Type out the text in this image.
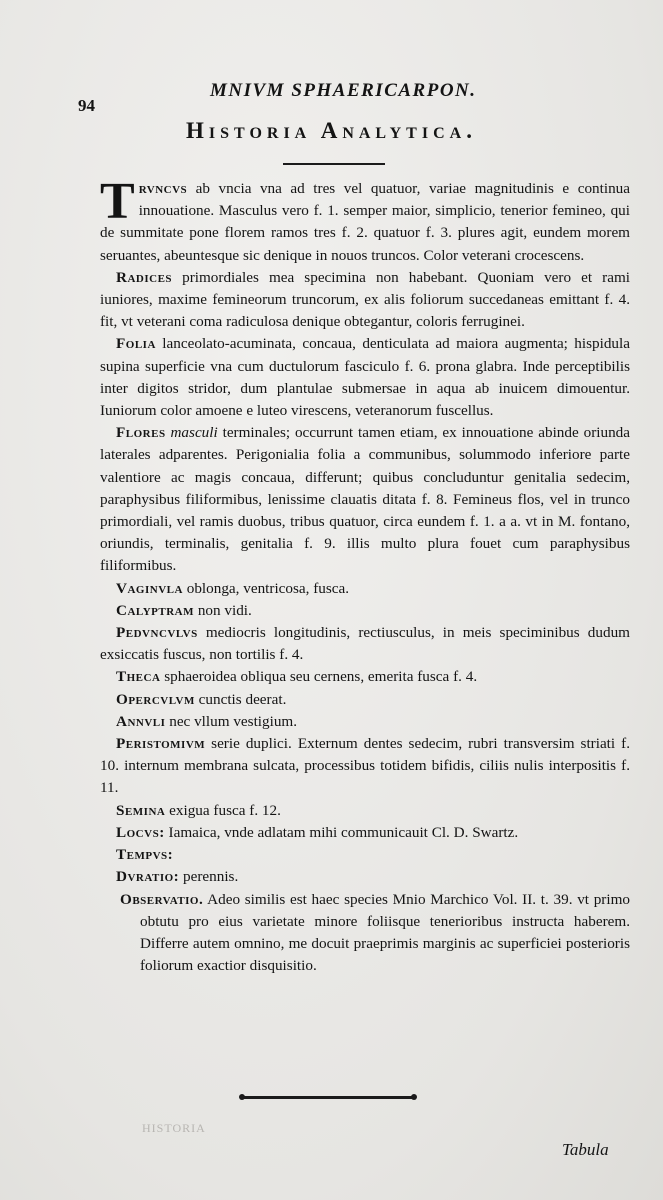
94
MNIVM SPHAERICARPON.
Historia Analytica.

Trvncvs ab vncia vna ad tres vel quatuor, variae magnitudinis e continua innouatione. Masculus vero f. 1. semper maior, simplicio, tenerior femineo, qui de summitate pone florem ramos tres f. 2. quatuor f. 3. plures agit, eundem morem seruantes, abeuntesque sic denique in nouos truncos. Color veterani crocescens.

Radices primordiales mea specimina non habebant. Quoniam vero et rami iuniores, maxime femineorum truncorum, ex alis foliorum succedaneas emittant f. 4. fit, vt veterani coma radiculosa denique obtegantur, coloris ferruginei.

Folia lanceolato-acuminata, concaua, denticulata ad maiora augmenta; hispidula supina superficie vna cum ductulorum fasciculo f. 6. prona glabra. Inde perceptibilis inter digitos stridor, dum plantulae submersae in aqua ab inuicem dimouentur. Iuniorum color amoene e luteo virescens, veteranorum fuscellus.

Flores masculi terminales; occurrunt tamen etiam, ex innouatione abinde oriunda laterales adparentes. Perigonialia folia a communibus, solummodo inferiore parte valentiore ac magis concaua, differunt; quibus concluduntur genitalia sedecim, paraphysibus filiformibus, lenissime clauatis ditata f. 8. Femineus flos, vel in trunco primordiali, vel ramis duobus, tribus quatuor, circa eundem f. 1. a a. vt in M. fontano, oriundis, terminalis, genitalia f. 9. illis multo plura fouet cum paraphysibus filiformibus.

Vaginvla oblonga, ventricosa, fusca.

Calyptram non vidi.

Pedvncvlvs mediocris longitudinis, rectiusculus, in meis speciminibus dudum exsiccatis fuscus, non tortilis f. 4.

Theca sphaeroidea obliqua seu cernens, emerita fusca f. 4.

Opercvlvm cunctis deerat.

Annvli nec vllum vestigium.

Peristomivm serie duplici. Externum dentes sedecim, rubri transversim striati f. 10. internum membrana sulcata, processibus totidem bifidis, ciliis nulis interpositis f. 11.

Semina exigua fusca f. 12.

Locvs: Iamaica, vnde adlatam mihi communicauit Cl. D. Swartz.

Tempvs:

Dvratio: perennis.

Observatio. Adeo similis est haec species Mnio Marchico Vol. II. t. 39. vt primo obtutu pro eius varietate minore foliisque tenerioribus instructa haberem. Differre autem omnino, me docuit praeprimis marginis ac superficiei posterioris foliorum exactior disquisitio.

HISTORIA
Tabula
